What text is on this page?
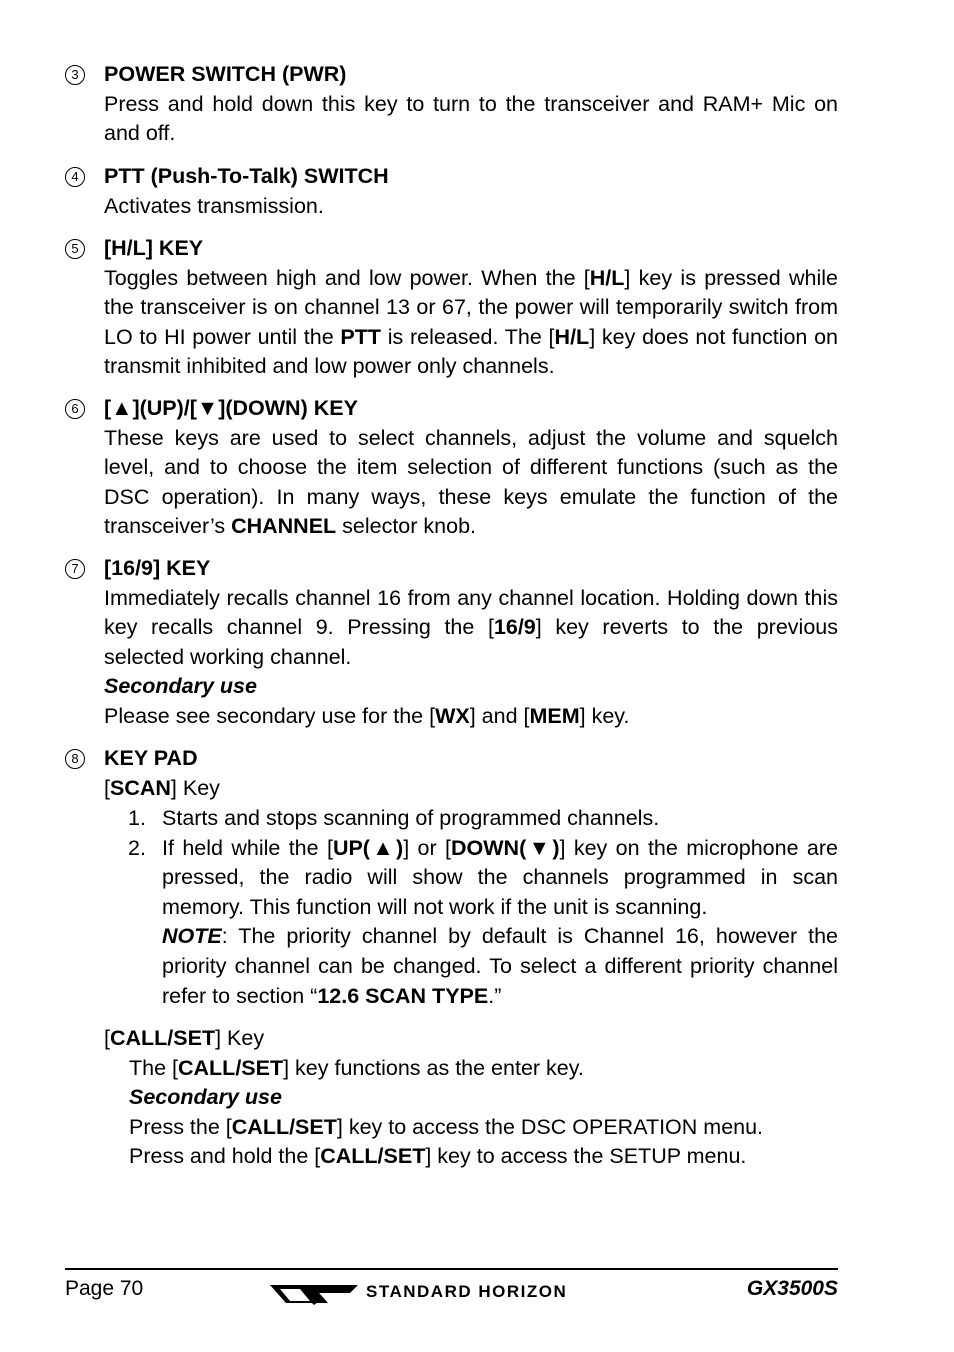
3 POWER SWITCH (PWR)
Press and hold down this key to turn to the transceiver and RAM+ Mic on and off.
4 PTT (Push-To-Talk) SWITCH
Activates transmission.
5 [H/L] KEY
Toggles between high and low power. When the [H/L] key is pressed while the transceiver is on channel 13 or 67, the power will temporarily switch from LO to HI power until the PTT is released. The [H/L] key does not function on transmit inhibited and low power only channels.
6 [▲](UP)/[▼](DOWN) KEY
These keys are used to select channels, adjust the volume and squelch level, and to choose the item selection of different functions (such as the DSC operation). In many ways, these keys emulate the function of the transceiver’s CHANNEL selector knob.
7 [16/9] KEY
Immediately recalls channel 16 from any channel location. Holding down this key recalls channel 9. Pressing the [16/9] key reverts to the previous selected working channel.
Secondary use
Please see secondary use for the [WX] and [MEM] key.
8 KEY PAD
[SCAN] Key
1. Starts and stops scanning of programmed channels.
2. If held while the [UP(▲)] or [DOWN(▼)] key on the microphone are pressed, the radio will show the channels programmed in scan memory. This function will not work if the unit is scanning.
NOTE: The priority channel by default is Channel 16, however the priority channel can be changed. To select a different priority channel refer to section “12.6 SCAN TYPE.”
[CALL/SET] Key
The [CALL/SET] key functions as the enter key.
Secondary use
Press the [CALL/SET] key to access the DSC OPERATION menu.
Press and hold the [CALL/SET] key to access the SETUP menu.
Page 70	STANDARD HORIZON	GX3500S
